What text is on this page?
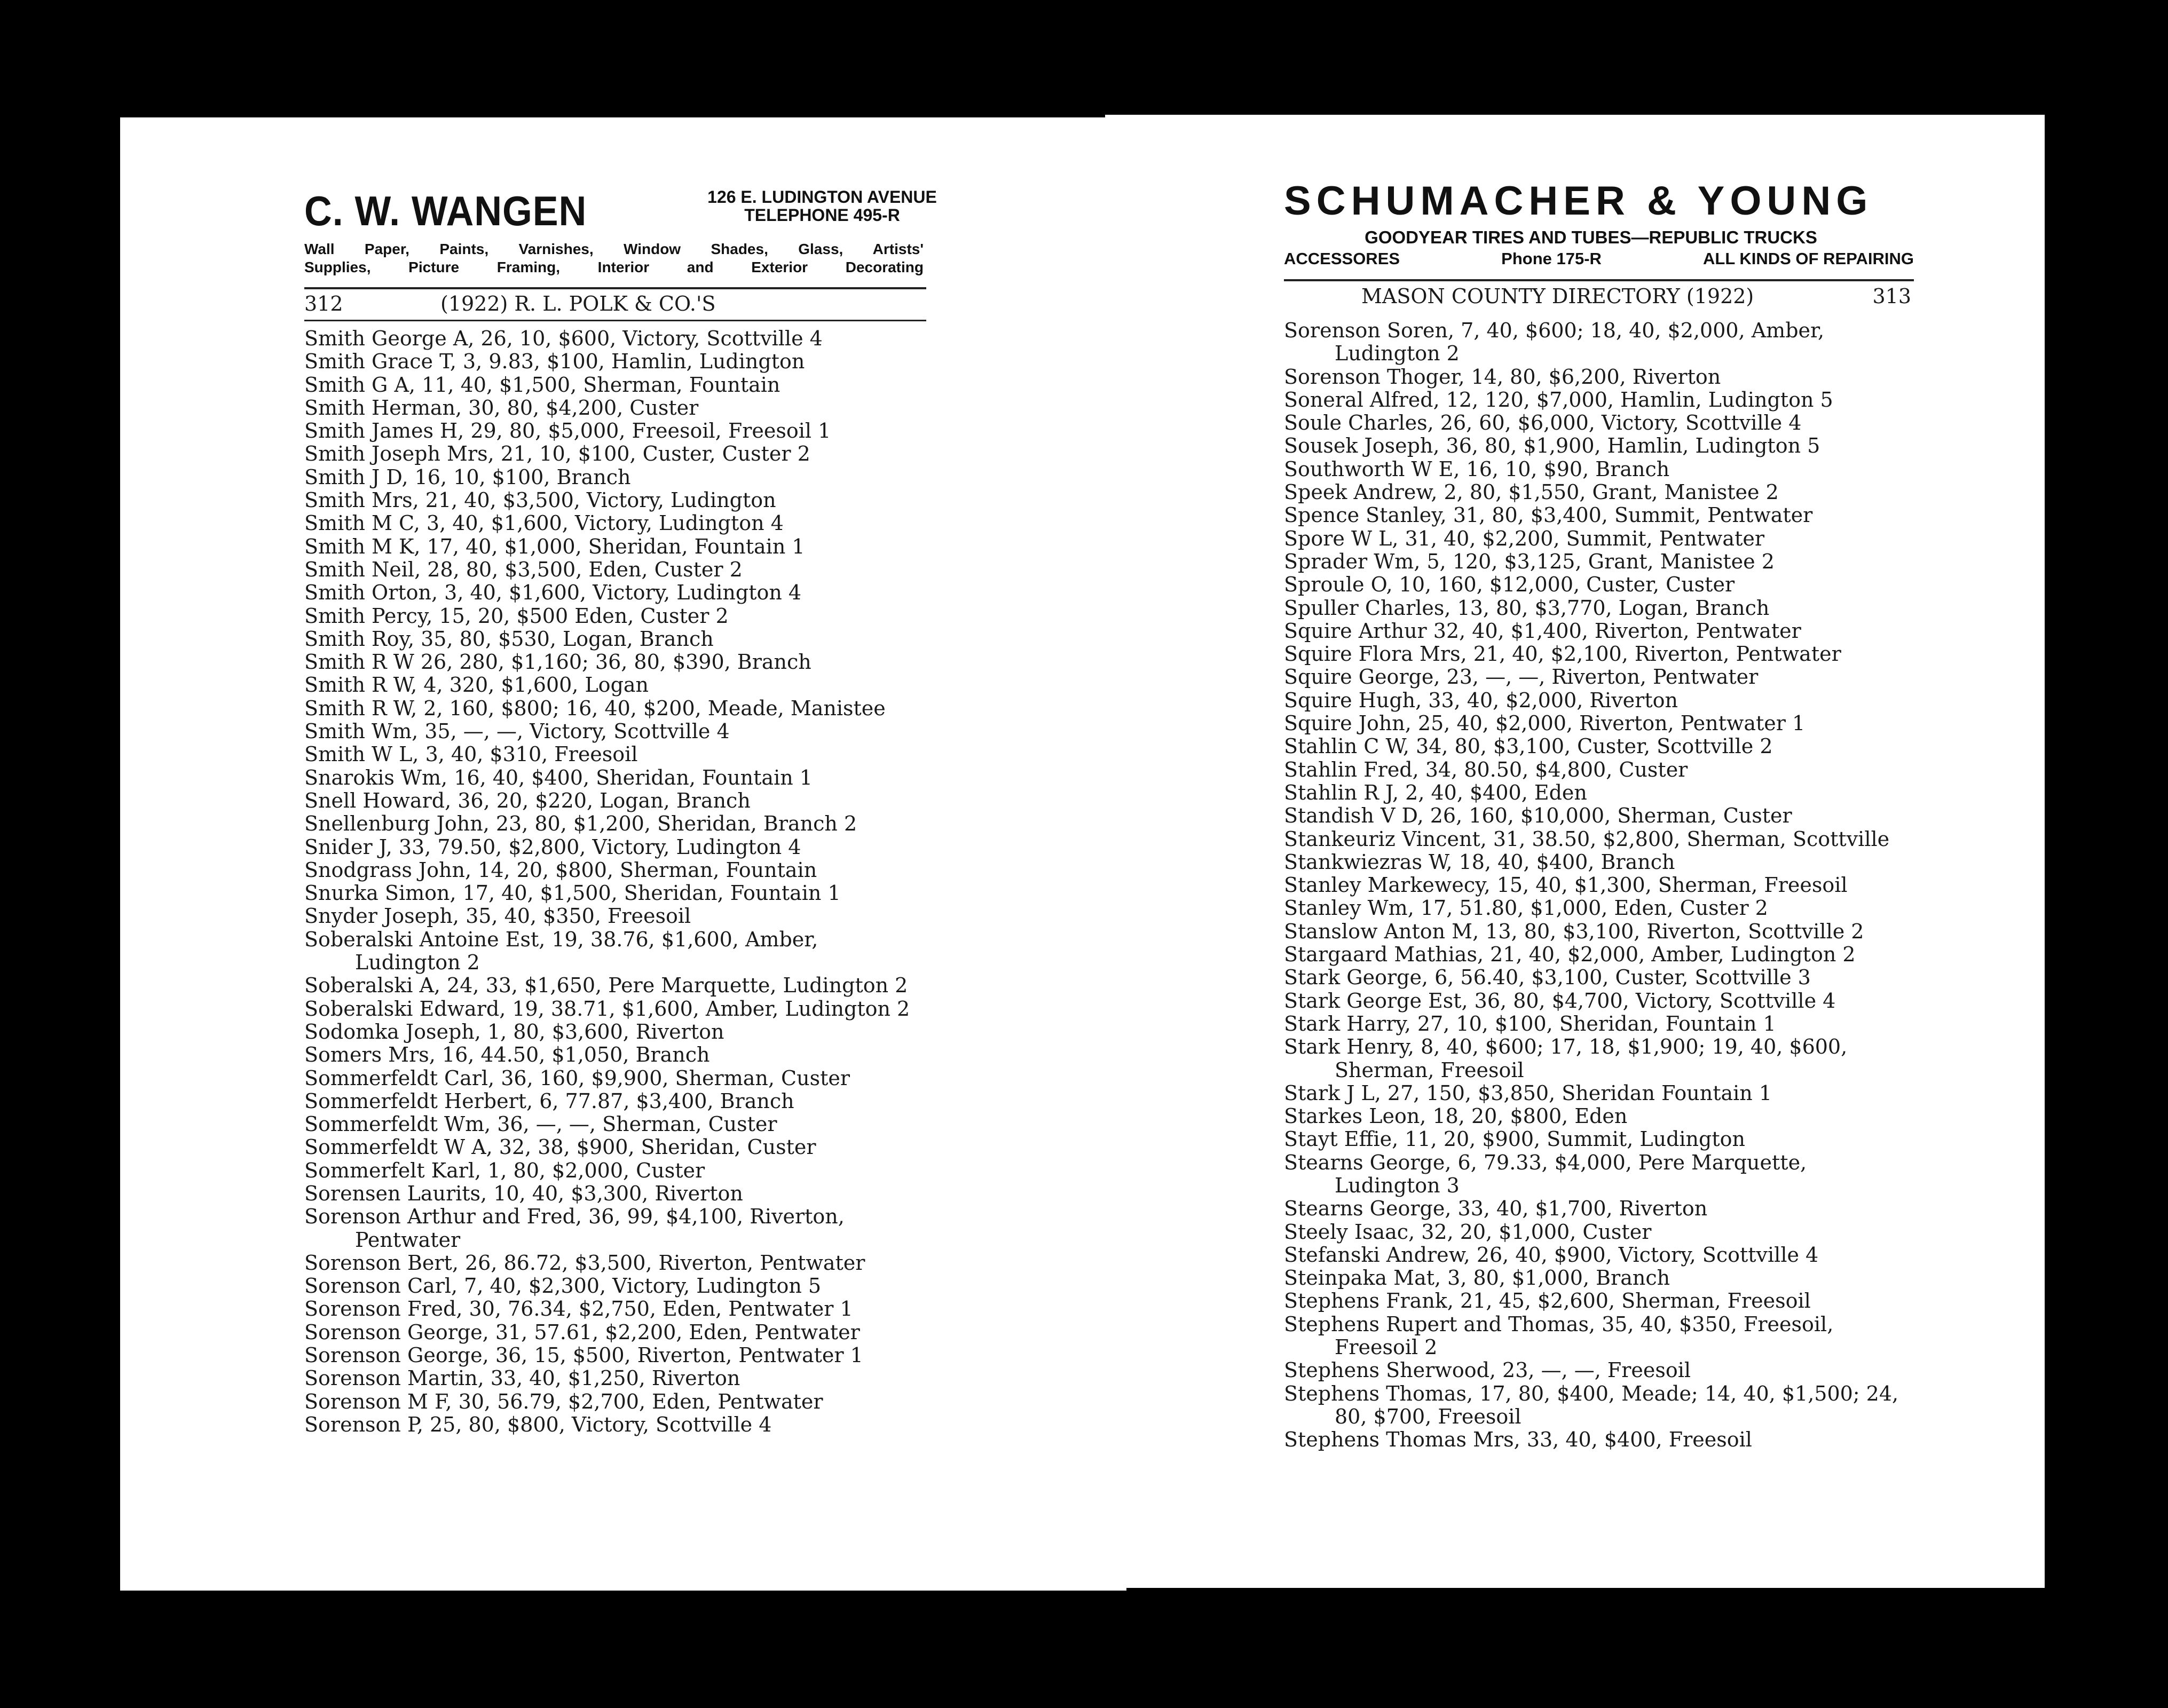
C. W. WANGEN	126 E. LUDINGTON AVENUE
TELEPHONE 495-R
Wall Paper, Paints, Varnishes, Window Shades, Glass, Artists'
Supplies, Picture Framing, Interior and Exterior Decorating
312	(1922) R. L. POLK & CO.'S
Smith George A, 26, 10, $600, Victory, Scottville 4
Smith Grace T, 3, 9.83, $100, Hamlin, Ludington
Smith G A, 11, 40, $1,500, Sherman, Fountain
Smith Herman, 30, 80, $4,200, Custer
Smith James H, 29, 80, $5,000, Freesoil, Freesoil 1
Smith Joseph Mrs, 21, 10, $100, Custer, Custer 2
Smith J D, 16, 10, $100, Branch
Smith Mrs, 21, 40, $3,500, Victory, Ludington
Smith M C, 3, 40, $1,600, Victory, Ludington 4
Smith M K, 17, 40, $1,000, Sheridan, Fountain 1
Smith Neil, 28, 80, $3,500, Eden, Custer 2
Smith Orton, 3, 40, $1,600, Victory, Ludington 4
Smith Percy, 15, 20, $500 Eden, Custer 2
Smith Roy, 35, 80, $530, Logan, Branch
Smith R W 26, 280, $1,160; 36, 80, $390, Branch
Smith R W, 4, 320, $1,600, Logan
Smith R W, 2, 160, $800; 16, 40, $200, Meade, Manistee
Smith Wm, 35, —, —, Victory, Scottville 4
Smith W L, 3, 40, $310, Freesoil
Snarokis Wm, 16, 40, $400, Sheridan, Fountain 1
Snell Howard, 36, 20, $220, Logan, Branch
Snellenburg John, 23, 80, $1,200, Sheridan, Branch 2
Snider J, 33, 79.50, $2,800, Victory, Ludington 4
Snodgrass John, 14, 20, $800, Sherman, Fountain
Snurka Simon, 17, 40, $1,500, Sheridan, Fountain 1
Snyder Joseph, 35, 40, $350, Freesoil
Soberalski Antoine Est, 19, 38.76, $1,600, Amber, Ludington 2
Soberalski A, 24, 33, $1,650, Pere Marquette, Ludington 2
Soberalski Edward, 19, 38.71, $1,600, Amber, Ludington 2
Sodomka Joseph, 1, 80, $3,600, Riverton
Somers Mrs, 16, 44.50, $1,050, Branch
Sommerfeldt Carl, 36, 160, $9,900, Sherman, Custer
Sommerfeldt Herbert, 6, 77.87, $3,400, Branch
Sommerfeldt Wm, 36, —, —, Sherman, Custer
Sommerfeldt W A, 32, 38, $900, Sheridan, Custer
Sommerfelt Karl, 1, 80, $2,000, Custer
Sorensen Laurits, 10, 40, $3,300, Riverton
Sorenson Arthur and Fred, 36, 99, $4,100, Riverton, Pentwater
Sorenson Bert, 26, 86.72, $3,500, Riverton, Pentwater
Sorenson Carl, 7, 40, $2,300, Victory, Ludington 5
Sorenson Fred, 30, 76.34, $2,750, Eden, Pentwater 1
Sorenson George, 31, 57.61, $2,200, Eden, Pentwater
Sorenson George, 36, 15, $500, Riverton, Pentwater 1
Sorenson Martin, 33, 40, $1,250, Riverton
Sorenson M F, 30, 56.79, $2,700, Eden, Pentwater
Sorenson P, 25, 80, $800, Victory, Scottville 4
SCHUMACHER & YOUNG
GOODYEAR TIRES AND TUBES—REPUBLIC TRUCKS
ACCESSORES	Phone 175-R	ALL KINDS OF REPAIRING
MASON COUNTY DIRECTORY (1922)	313
Sorenson Soren, 7, 40, $600; 18, 40, $2,000, Amber, Ludington 2
Sorenson Thoger, 14, 80, $6,200, Riverton
Soneral Alfred, 12, 120, $7,000, Hamlin, Ludington 5
Soule Charles, 26, 60, $6,000, Victory, Scottville 4
Sousek Joseph, 36, 80, $1,900, Hamlin, Ludington 5
Southworth W E, 16, 10, $90, Branch
Speek Andrew, 2, 80, $1,550, Grant, Manistee 2
Spence Stanley, 31, 80, $3,400, Summit, Pentwater
Spore W L, 31, 40, $2,200, Summit, Pentwater
Sprader Wm, 5, 120, $3,125, Grant, Manistee 2
Sproule O, 10, 160, $12,000, Custer, Custer
Spuller Charles, 13, 80, $3,770, Logan, Branch
Squire Arthur 32, 40, $1,400, Riverton, Pentwater
Squire Flora Mrs, 21, 40, $2,100, Riverton, Pentwater
Squire George, 23, —, —, Riverton, Pentwater
Squire Hugh, 33, 40, $2,000, Riverton
Squire John, 25, 40, $2,000, Riverton, Pentwater 1
Stahlin C W, 34, 80, $3,100, Custer, Scottville 2
Stahlin Fred, 34, 80.50, $4,800, Custer
Stahlin R J, 2, 40, $400, Eden
Standish V D, 26, 160, $10,000, Sherman, Custer
Stankeuriz Vincent, 31, 38.50, $2,800, Sherman, Scottville
Stankwiezras W, 18, 40, $400, Branch
Stanley Markewecy, 15, 40, $1,300, Sherman, Freesoil
Stanley Wm, 17, 51.80, $1,000, Eden, Custer 2
Stanslow Anton M, 13, 80, $3,100, Riverton, Scottville 2
Stargaard Mathias, 21, 40, $2,000, Amber, Ludington 2
Stark George, 6, 56.40, $3,100, Custer, Scottville 3
Stark George Est, 36, 80, $4,700, Victory, Scottville 4
Stark Harry, 27, 10, $100, Sheridan, Fountain 1
Stark Henry, 8, 40, $600; 17, 18, $1,900; 19, 40, $600, Sherman, Freesoil
Stark J L, 27, 150, $3,850, Sheridan Fountain 1
Starkes Leon, 18, 20, $800, Eden
Stayt Effie, 11, 20, $900, Summit, Ludington
Stearns George, 6, 79.33, $4,000, Pere Marquette, Ludington 3
Stearns George, 33, 40, $1,700, Riverton
Steely Isaac, 32, 20, $1,000, Custer
Stefanski Andrew, 26, 40, $900, Victory, Scottville 4
Steinpaka Mat, 3, 80, $1,000, Branch
Stephens Frank, 21, 45, $2,600, Sherman, Freesoil
Stephens Rupert and Thomas, 35, 40, $350, Freesoil, Freesoil 2
Stephens Sherwood, 23, —, —, Freesoil
Stephens Thomas, 17, 80, $400, Meade; 14, 40, $1,500; 24, 80, $700, Freesoil
Stephens Thomas Mrs, 33, 40, $400, Freesoil
